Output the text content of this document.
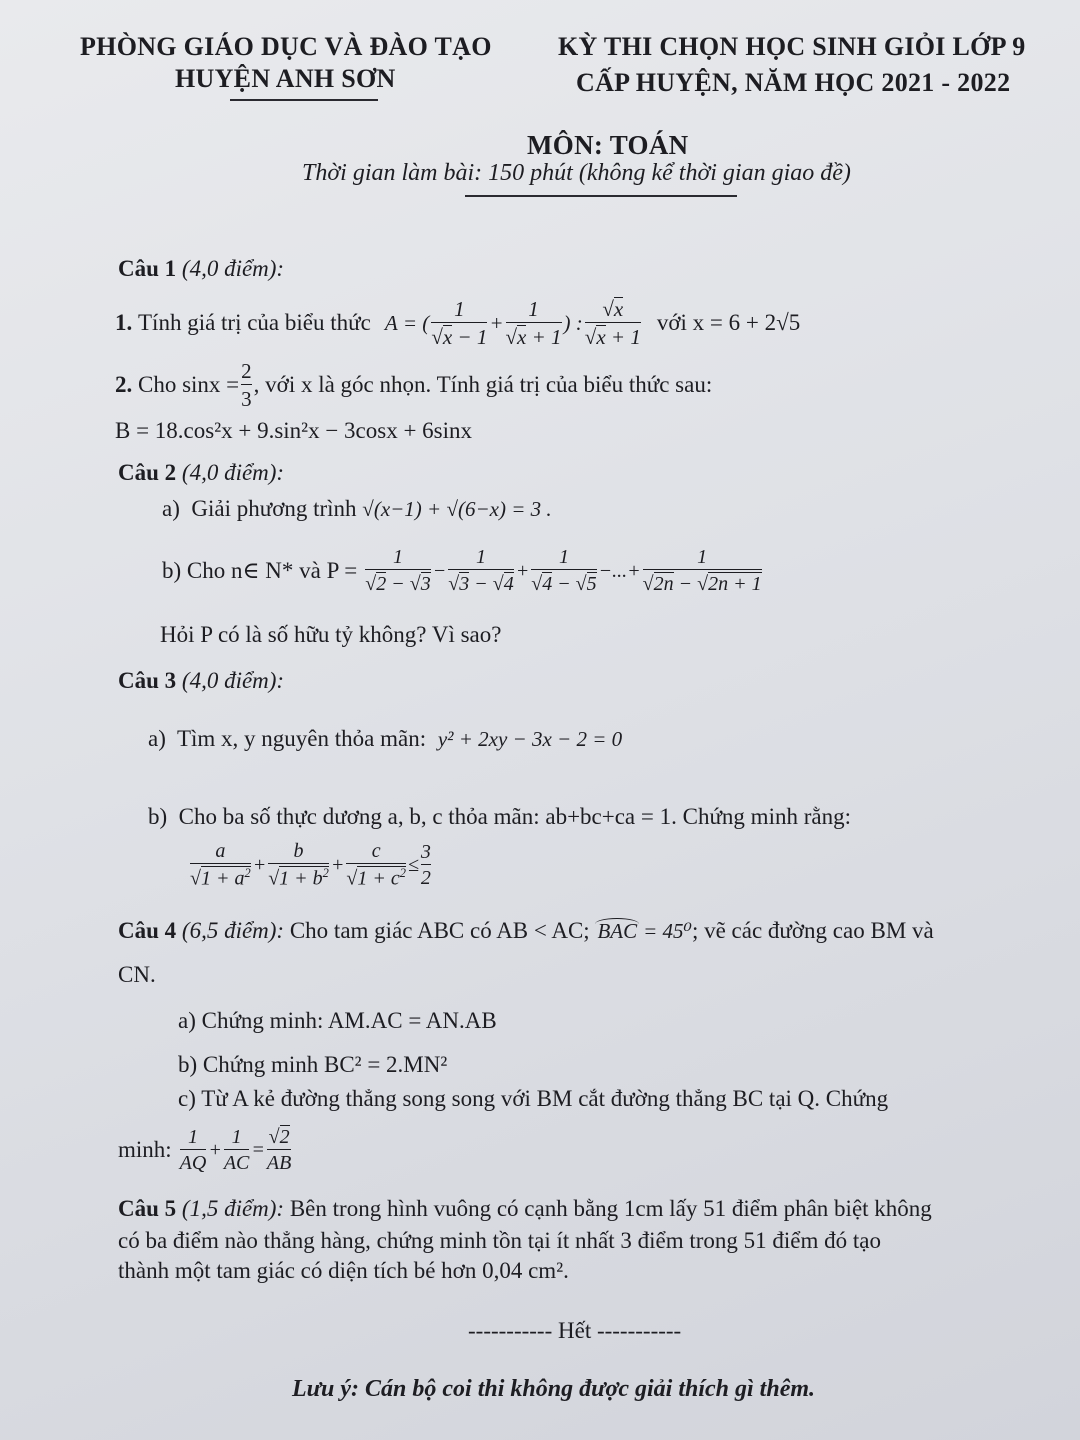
PHÒNG GIÁO DỤC VÀ ĐÀO TẠO
HUYỆN ANH SƠN
KỲ THI CHỌN HỌC SINH GIỎI LỚP 9
CẤP HUYỆN, NĂM HỌC 2021 - 2022
MÔN: TOÁN
Thời gian làm bài: 150 phút (không kể thời gian giao đề)
Câu 1 (4,0 điểm):
1.
Tính giá trị của biểu thức A = ( $\frac{1}{√x - 1} + \frac{1}{√x + 1}$ ) : $\frac{√x}{√x + 1}$ với x = 6 + 2√5
2.
Cho $\sin x = \frac{2}{3}$ , với x là góc nhọn. Tính giá trị của biểu thức sau:
B = 18.cos²x + 9.sin²x − 3cosx + 6sinx
Câu 2 (4,0 điểm):
a) Giải phương trình √(x−1) + √(6−x) = 3 .
b)
Cho n∈ N* và $P = \frac{1}{√2 - √3} - \frac{1}{√3 - √4} + \frac{1}{√4 - √5}$ −...+ $\frac{1}{√2n - √2n + 1}$
Hỏi P có là số hữu tỷ không? Vì sao?
Câu 3 (4,0 điểm):
a) Tìm x, y nguyên thỏa mãn: y² + 2xy − 3x − 2 = 0
b) Cho ba số thực dương a, b, c thỏa mãn: ab+bc+ca = 1. Chứng minh rằng:
$\frac{a}{√1 + a^2} + \frac{b}{√1 + b^2} + \frac{c}{√1 + c^2} \le \frac{3}{2}$
Câu 4
(6,5 điểm):
Cho tam giác ABC có AB < AC;
BAC = 45⁰ ; vẽ các đường cao BM và
CN.
a) Chứng minh: AM.AC = AN.AB
b) Chứng minh BC² = 2.MN²
c) Từ A kẻ đường thẳng song song với BM cắt đường thẳng BC tại Q. Chứng
minh: $\frac{1}{AQ} + \frac{1}{AC} = \frac{√2}{AB}$
Câu 5 (1,5 điểm): Bên trong hình vuông có cạnh bằng 1cm lấy 51 điểm phân biệt không
có ba điểm nào thẳng hàng, chứng minh tồn tại ít nhất 3 điểm trong 51 điểm đó tạo
thành một tam giác có diện tích bé hơn 0,04 cm².
----------- Hết -----------
Lưu ý: Cán bộ coi thi không được giải thích gì thêm.
